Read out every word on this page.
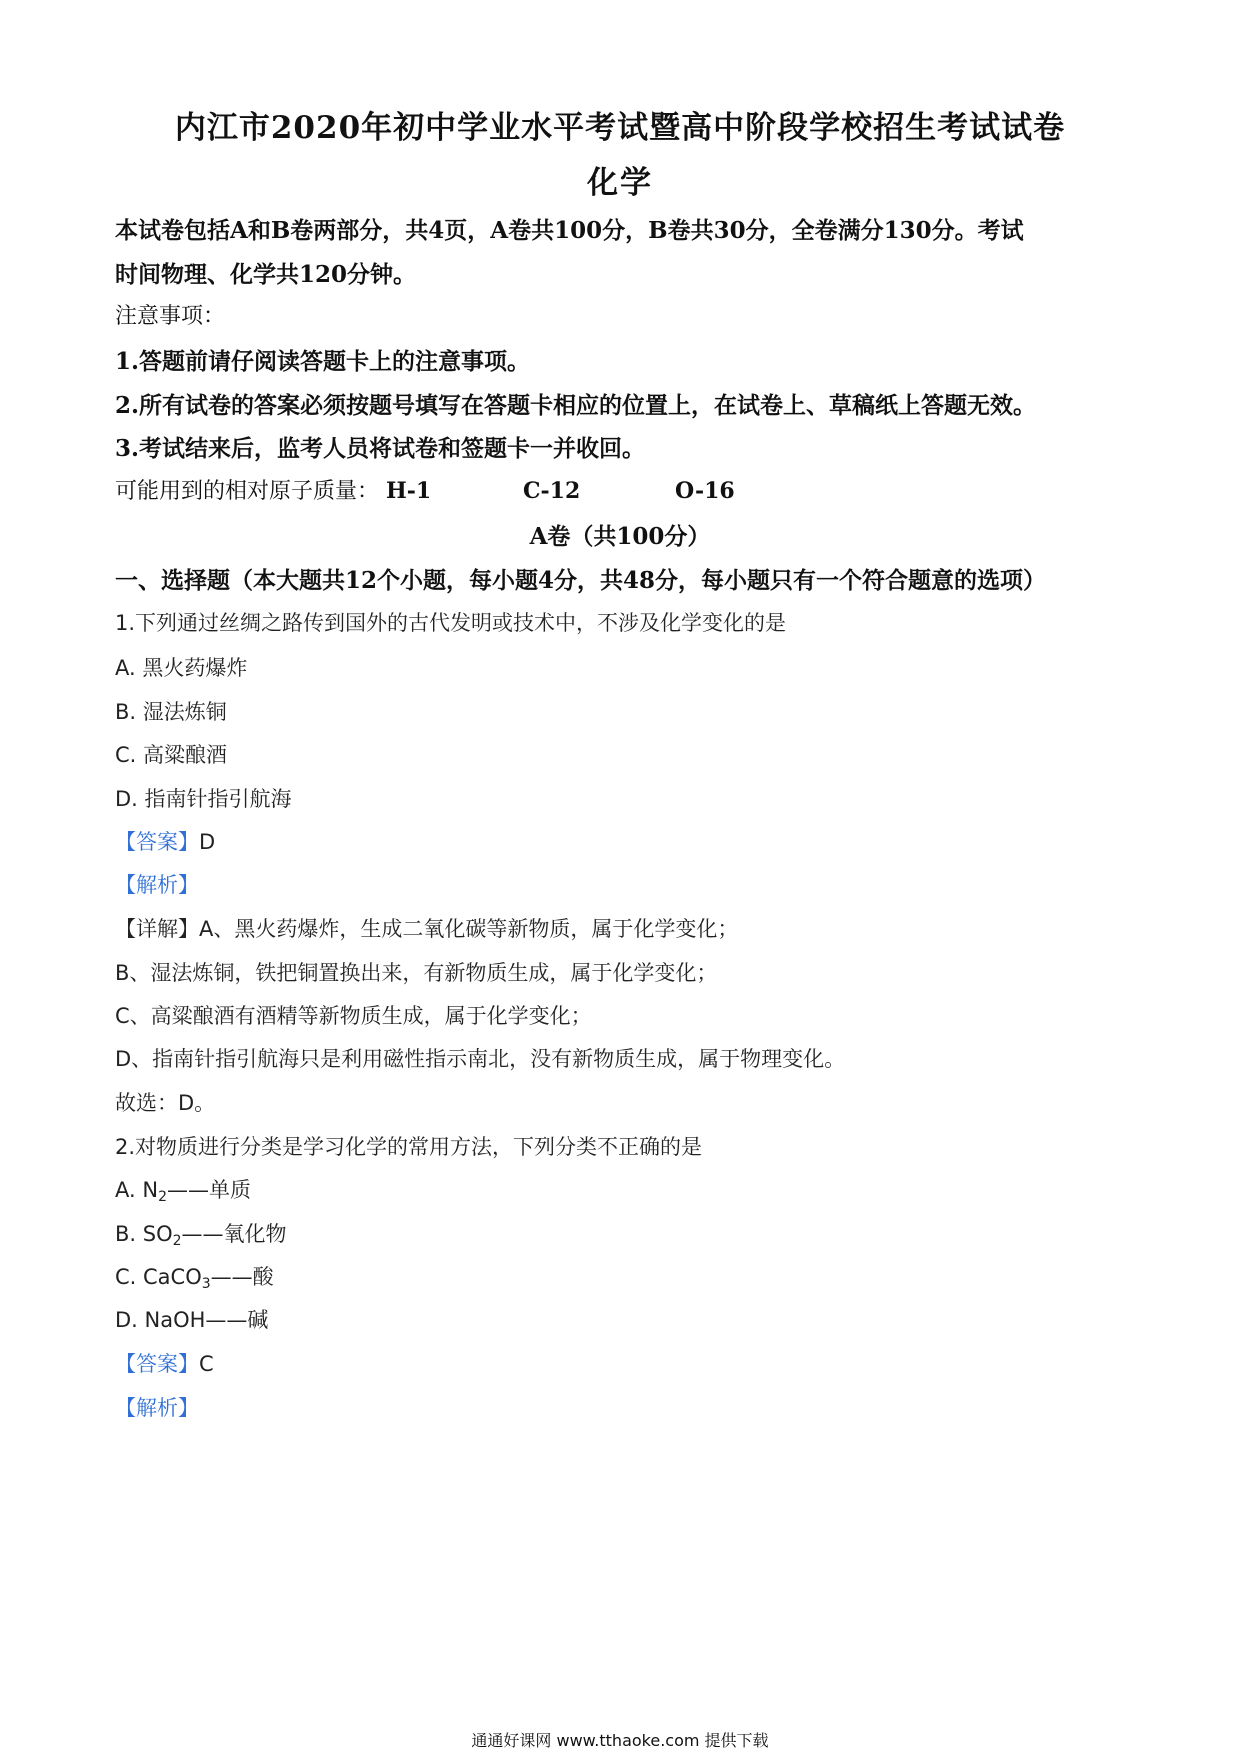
内江市2020年初中学业水平考试暨高中阶段学校招生考试试卷
化学
本试卷包括A和B卷两部分，共4页，A卷共100分，B卷共30分，全卷满分130分。考试
时间物理、化学共120分钟。
注意事项：
1.答题前请仔阅读答题卡上的注意事项。
2.所有试卷的答案必须按题号填写在答题卡相应的位置上，在试卷上、草稿纸上答题无效。
3.考试结来后，监考人员将试卷和签题卡一并收回。
可能用到的相对原子质量： H-1	C-12	O-16
A卷（共100分）
一、选择题（本大题共12个小题，每小题4分，共48分，每小题只有一个符合题意的选项）
1.下列通过丝绸之路传到国外的古代发明或技术中，不涉及化学变化的是
A. 黑火药爆炸
B. 湿法炼铜
C. 高粱酿酒
D. 指南针指引航海
【答案】D
【解析】
【详解】A、黑火药爆炸，生成二氧化碳等新物质，属于化学变化；
B、湿法炼铜，铁把铜置换出来，有新物质生成，属于化学变化；
C、高粱酿酒有酒精等新物质生成，属于化学变化；
D、指南针指引航海只是利用磁性指示南北，没有新物质生成，属于物理变化。
故选：D。
2.对物质进行分类是学习化学的常用方法，下列分类不正确的是
A. $N_2——$单质
B. $SO_2——$氧化物
C. CaCO$_3$——酸
D. NaOH——碱
【答案】C
【解析】
通通好课网 www.tthaoke.com 提供下载
